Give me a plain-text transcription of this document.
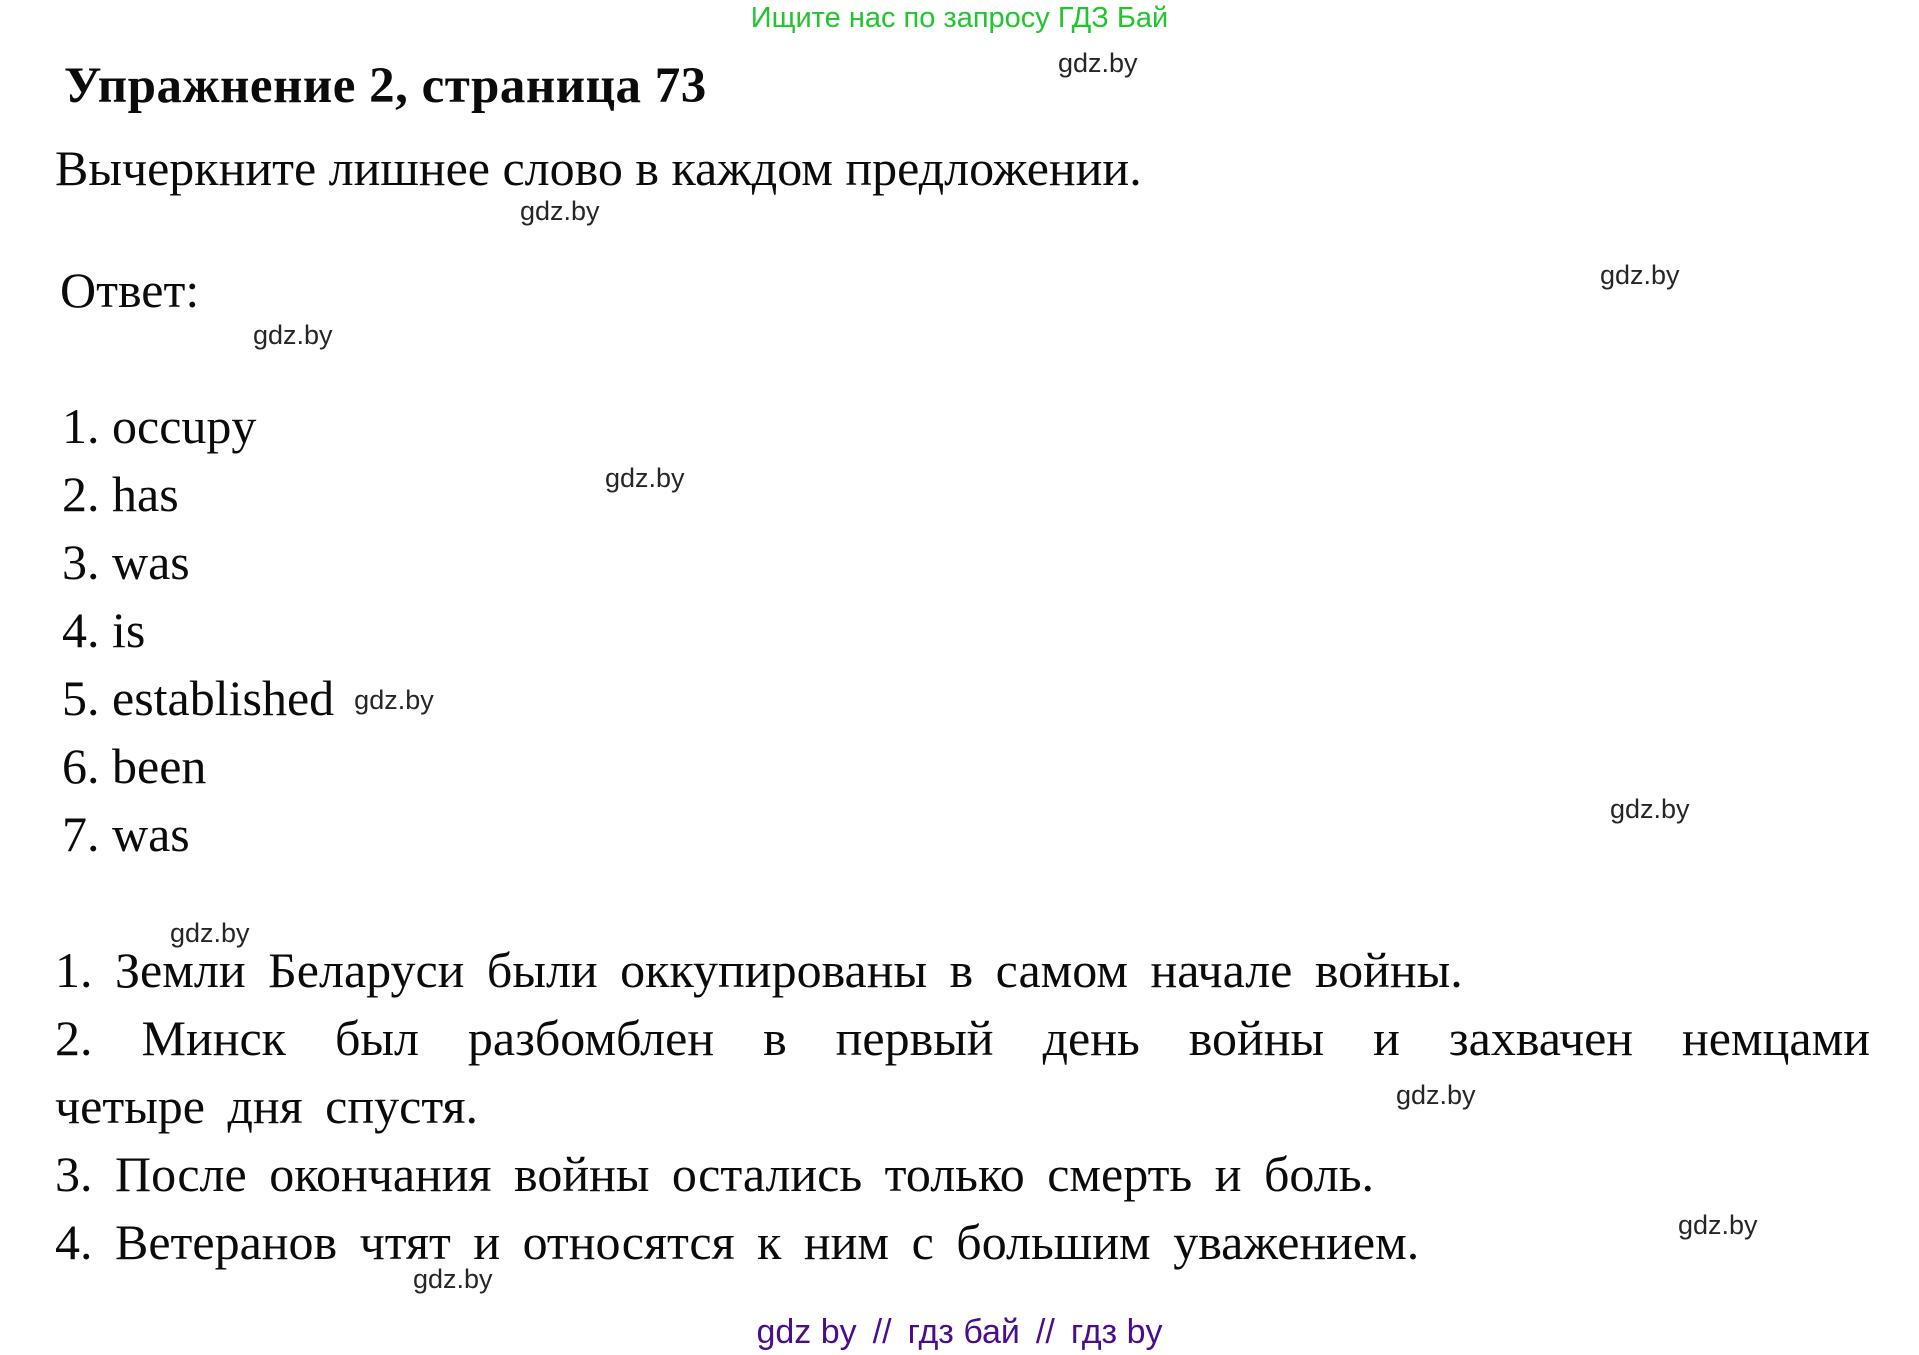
Ищите нас по запросу ГДЗ Бай
gdz.by
gdz.by
gdz.by
gdz.by
gdz.by
gdz.by
gdz.by
gdz.by
gdz.by
gdz.by
Упражнение 2, страница 73
Вычеркните лишнее слово в каждом предложении.
Ответ:
1. occupy
2. has
3. was
4. is
5. established gdz.by
6. been
7. was
1. Земли Беларуси были оккупированы в самом начале войны.
2. Минск был разбомблен в первый день войны и захвачен немцами
четыре дня спустя.
3. После окончания войны остались только смерть и боль.
4. Ветеранов чтят и относятся к ним с большим уважением.
gdz by // гдз бай // гдз by
